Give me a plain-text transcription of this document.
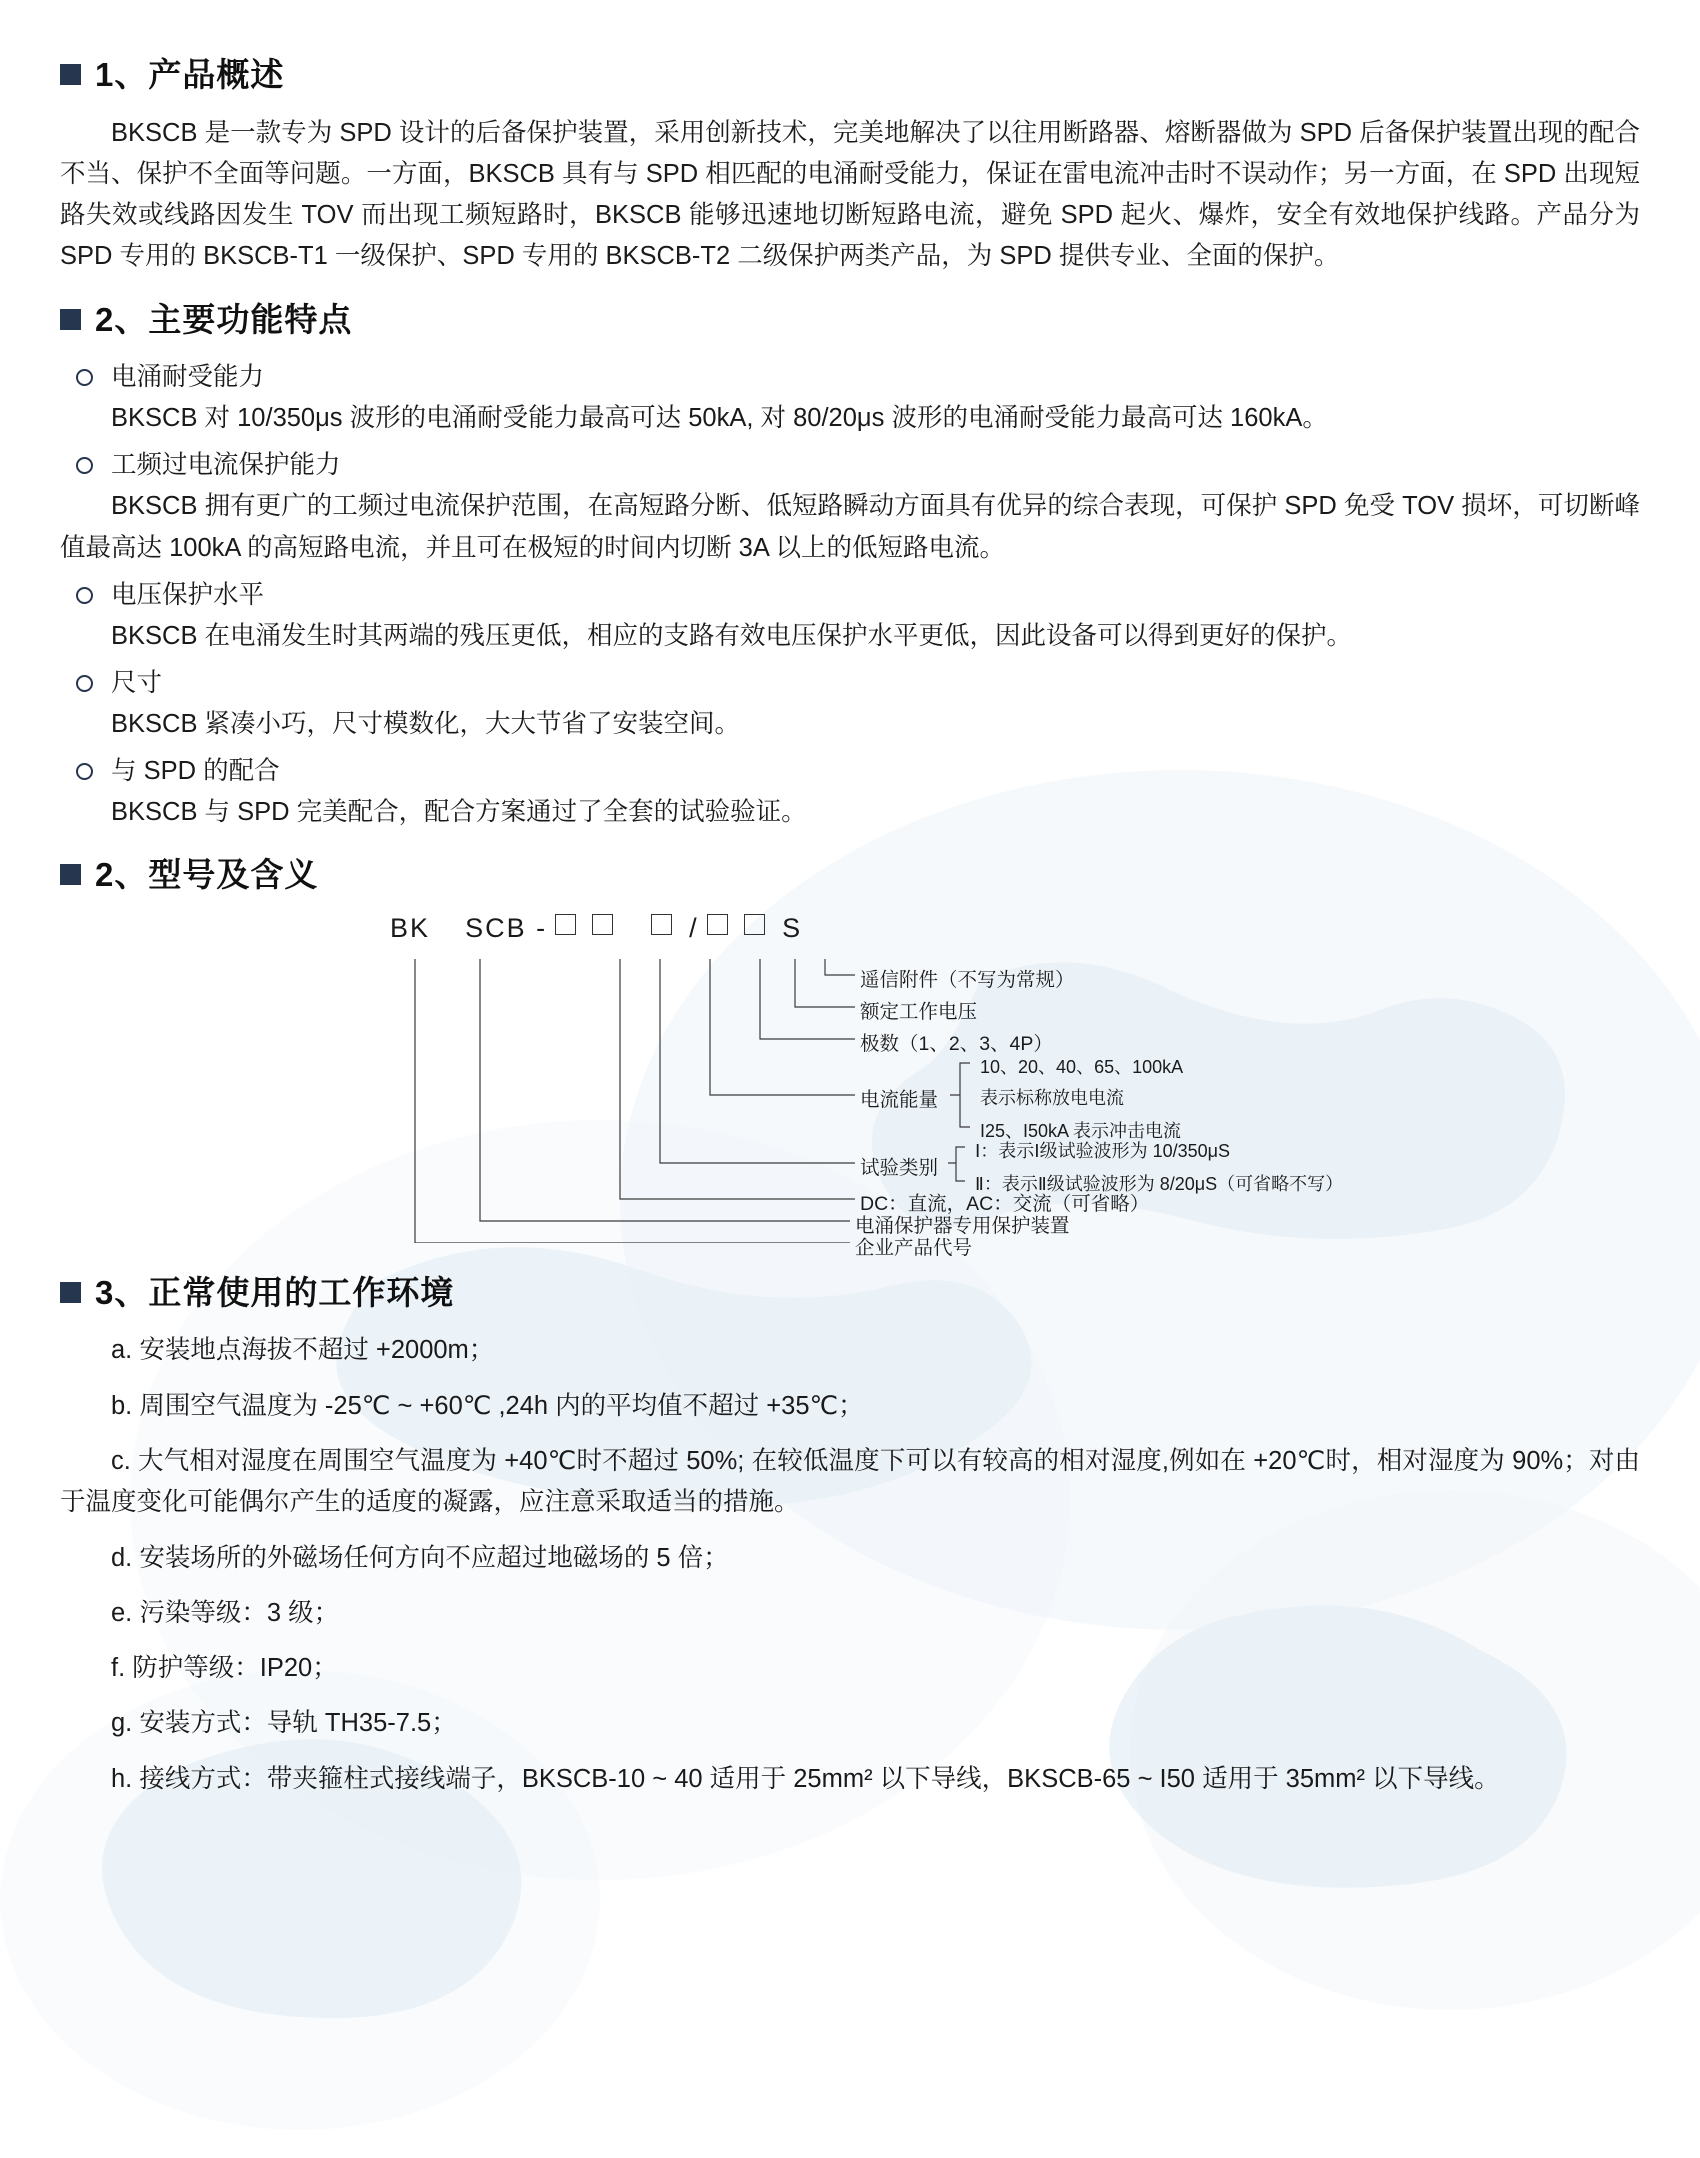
1、产品概述

BKSCB 是一款专为 SPD 设计的后备保护装置，采用创新技术，完美地解决了以往用断路器、熔断器做为 SPD 后备保护装置出现的配合不当、保护不全面等问题。一方面，BKSCB 具有与 SPD 相匹配的电涌耐受能力，保证在雷电流冲击时不误动作；另一方面，在 SPD 出现短路失效或线路因发生 TOV 而出现工频短路时，BKSCB 能够迅速地切断短路电流，避免 SPD 起火、爆炸，安全有效地保护线路。产品分为 SPD 专用的 BKSCB-T1 一级保护、SPD 专用的 BKSCB-T2 二级保护两类产品，为 SPD 提供专业、全面的保护。

2、主要功能特点
电涌耐受能力

BKSCB 对 10/350μs 波形的电涌耐受能力最高可达 50kA, 对 80/20μs 波形的电涌耐受能力最高可达 160kA。

工频过电流保护能力

BKSCB 拥有更广的工频过电流保护范围，在高短路分断、低短路瞬动方面具有优异的综合表现，可保护 SPD 免受 TOV 损坏，可切断峰值最高达 100kA 的高短路电流，并且可在极短的时间内切断 3A 以上的低短路电流。

电压保护水平

BKSCB 在电涌发生时其两端的残压更低，相应的支路有效电压保护水平更低，因此设备可以得到更好的保护。

尺寸

BKSCB 紧凑小巧，尺寸模数化，大大节省了安装空间。

与 SPD 的配合

BKSCB 与 SPD 完美配合，配合方案通过了全套的试验验证。

2、型号及含义
BK SCB -	/	S
遥信附件（不写为常规）
额定工作电压
极数（1、2、3、4P）
电流能量
10、20、40、65、100kA
表示标称放电电流
I25、I50kA 表示冲击电流
试验类别
Ⅰ：表示Ⅰ级试验波形为 10/350μS
Ⅱ：表示Ⅱ级试验波形为 8/20μS（可省略不写）
DC：直流，AC：交流（可省略）
电涌保护器专用保护装置
企业产品代号
3、正常使用的工作环境

a. 安装地点海拔不超过 +2000m；

b. 周围空气温度为 -25℃ ~ +60℃ ,24h 内的平均值不超过 +35℃；

c. 大气相对湿度在周围空气温度为 +40℃时不超过 50%; 在较低温度下可以有较高的相对湿度,例如在 +20℃时，相对湿度为 90%；对由于温度变化可能偶尔产生的适度的凝露，应注意采取适当的措施。

d. 安装场所的外磁场任何方向不应超过地磁场的 5 倍；

e. 污染等级：3 级；

f. 防护等级：IP20；

g. 安装方式：导轨 TH35-7.5；

h. 接线方式：带夹箍柱式接线端子，BKSCB-10 ~ 40 适用于 25mm² 以下导线，BKSCB-65 ~ I50 适用于 35mm² 以下导线。
